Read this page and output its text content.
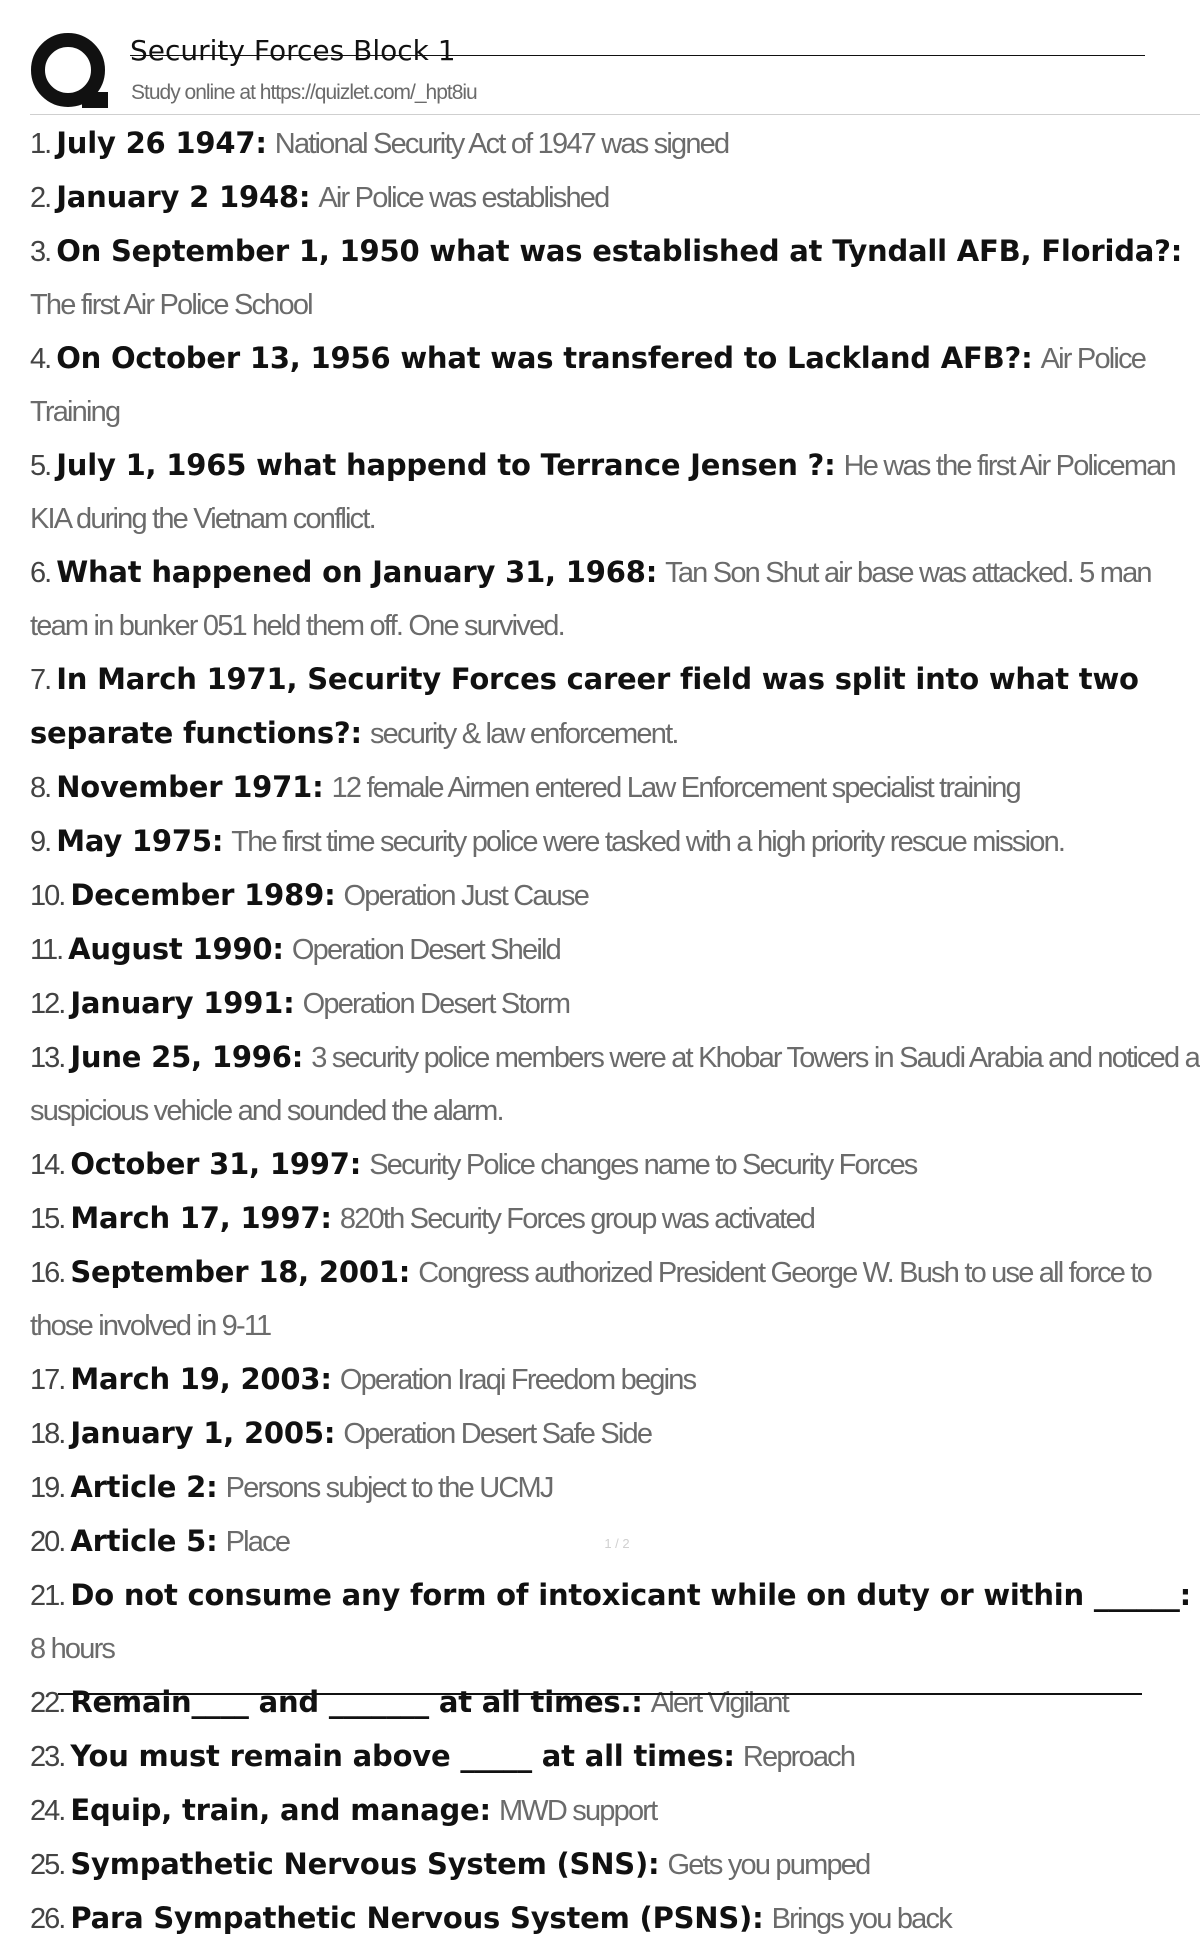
Security Forces Block 1
Study online at https://quizlet.com/_hpt8iu
1. July 26 1947: National Security Act of 1947 was signed
2. January 2 1948: Air Police was established
3. On September 1, 1950 what was established at Tyndall AFB, Florida?: The first Air Police School
4. On October 13, 1956 what was transfered to Lackland AFB?: Air Police Training
5. July 1, 1965 what happend to Terrance Jensen ?: He was the first Air Policeman KIA during the Vietnam conflict.
6. What happened on January 31, 1968: Tan Son Shut air base was attacked. 5 man team in bunker 051 held them off. One survived.
7. In March 1971, Security Forces career field was split into what two separate functions?: security & law enforcement.
8. November 1971: 12 female Airmen entered Law Enforcement specialist training
9. May 1975: The first time security police were tasked with a high priority rescue mission.
10. December 1989: Operation Just Cause
11. August 1990: Operation Desert Sheild
12. January 1991: Operation Desert Storm
13. June 25, 1996: 3 security police members were at Khobar Towers in Saudi Arabia and noticed a suspicious vehicle and sounded the alarm.
14. October 31, 1997: Security Police changes name to Security Forces
15. March 17, 1997: 820th Security Forces group was activated
16. September 18, 2001: Congress authorized President George W. Bush to use all force to those involved in 9-11
17. March 19, 2003: Operation Iraqi Freedom begins
18. January 1, 2005: Operation Desert Safe Side
19. Article 2: Persons subject to the UCMJ
20. Article 5: Place
21. Do not consume any form of intoxicant while on duty or within ______: 8 hours
22. Remain____ and _______ at all times.: Alert Vigilant
23. You must remain above _____ at all times: Reproach
24. Equip, train, and manage: MWD support
25. Sympathetic Nervous System (SNS): Gets you pumped
26. Para Sympathetic Nervous System (PSNS): Brings you back
1 / 2
